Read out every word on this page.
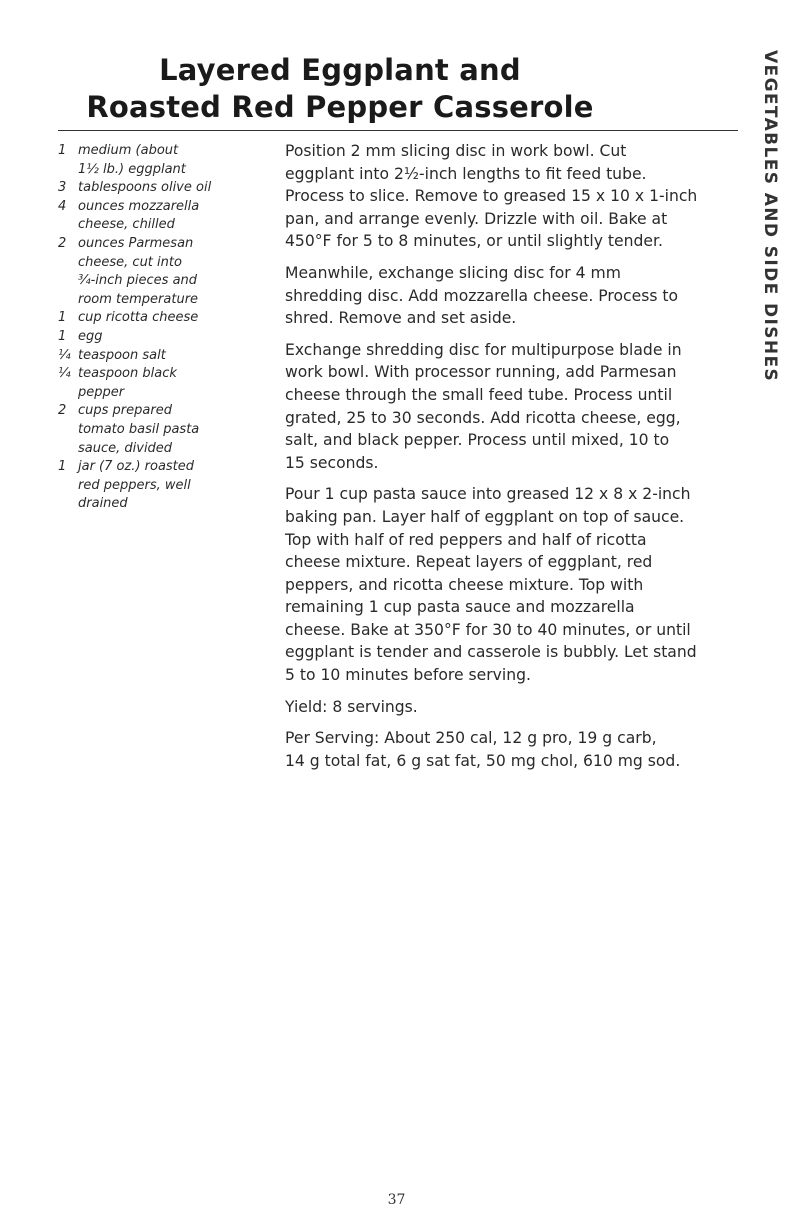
Layered Eggplant and
Roasted Red Pepper Casserole	VEGETABLES AND SIDE DISHES
1 medium (about
1½ lb.) eggplant
3 tablespoons olive oil
4 ounces mozzarella
cheese, chilled
2 ounces Parmesan
cheese, cut into
¾-inch pieces and
room temperature
1 cup ricotta cheese
1 egg
¼ teaspoon salt
¼ teaspoon black
pepper
2 cups prepared
tomato basil pasta
sauce, divided
1 jar (7 oz.) roasted
red peppers, well
drained

Position 2 mm slicing disc in work bowl. Cut
eggplant into 2½-inch lengths to fit feed tube.
Process to slice. Remove to greased 15 x 10 x 1-inch
pan, and arrange evenly. Drizzle with oil. Bake at
450°F for 5 to 8 minutes, or until slightly tender.

Meanwhile, exchange slicing disc for 4 mm
shredding disc. Add mozzarella cheese. Process to
shred. Remove and set aside.

Exchange shredding disc for multipurpose blade in
work bowl. With processor running, add Parmesan
cheese through the small feed tube. Process until
grated, 25 to 30 seconds. Add ricotta cheese, egg,
salt, and black pepper. Process until mixed, 10 to
15 seconds.

Pour 1 cup pasta sauce into greased 12 x 8 x 2-inch
baking pan. Layer half of eggplant on top of sauce.
Top with half of red peppers and half of ricotta
cheese mixture. Repeat layers of eggplant, red
peppers, and ricotta cheese mixture. Top with
remaining 1 cup pasta sauce and mozzarella
cheese. Bake at 350°F for 30 to 40 minutes, or until
eggplant is tender and casserole is bubbly. Let stand
5 to 10 minutes before serving.

Yield: 8 servings.

Per Serving: About 250 cal, 12 g pro, 19 g carb,
14 g total fat, 6 g sat fat, 50 mg chol, 610 mg sod.

37
